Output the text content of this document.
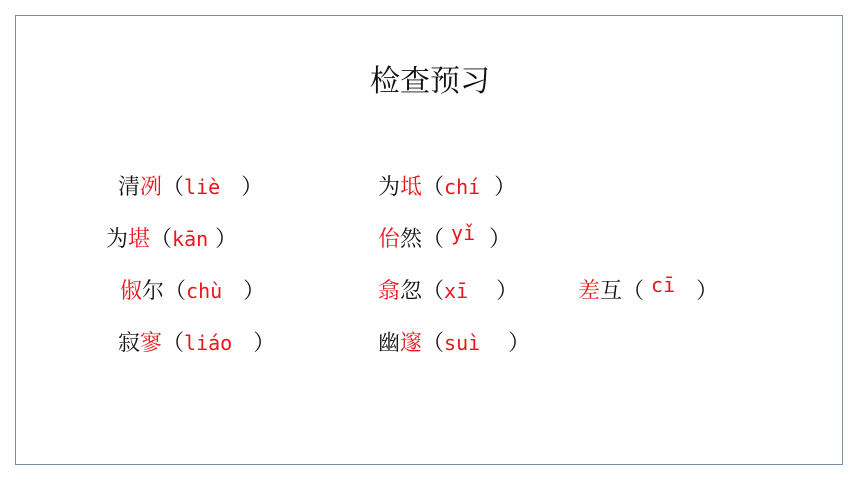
检查预习
清冽（liè ）	为坻（chí ）
为堪（kān ）	佁然（ yǐ ）
俶尔（chù ）	翕忽（xī ）	差互（ cī ）
寂寥（liáo ）	幽邃（suì ）
